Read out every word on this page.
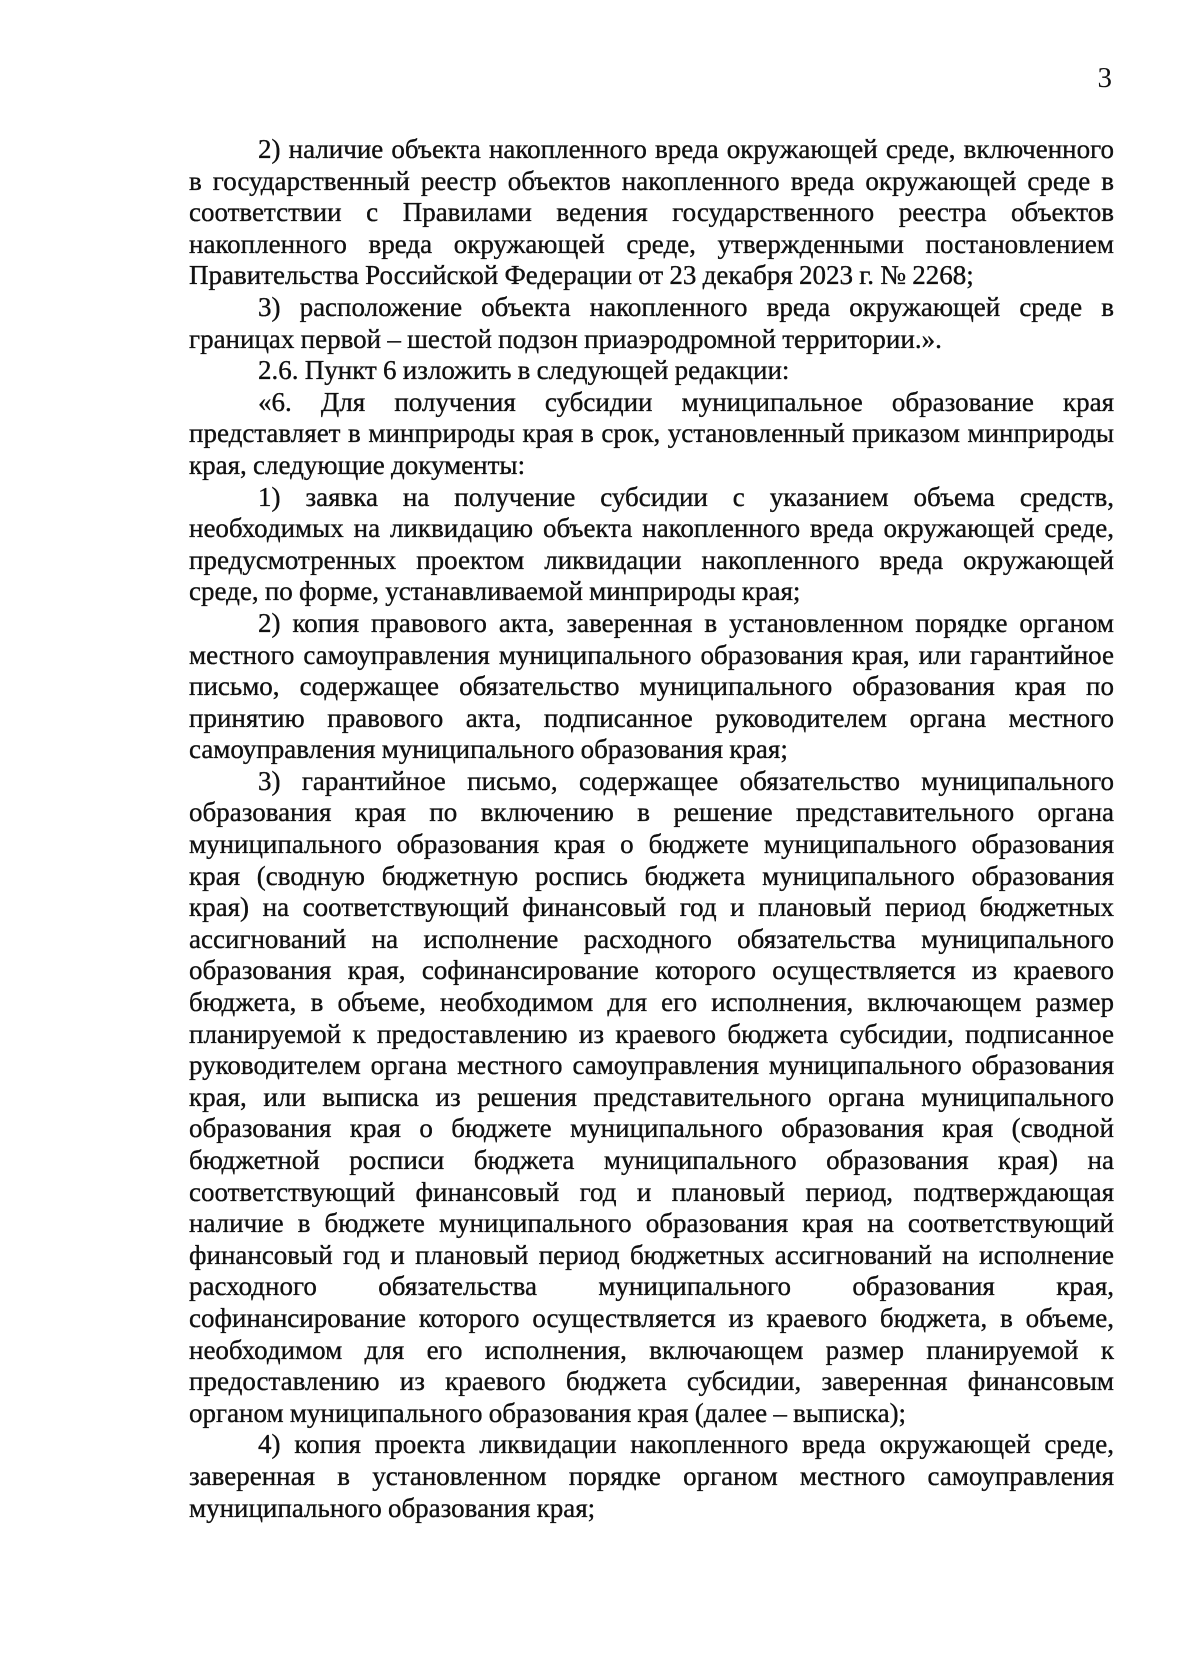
3

2) наличие объекта накопленного вреда окружающей среде, включенного в государственный реестр объектов накопленного вреда окружающей среде в соответствии с Правилами ведения государственного реестра объектов накопленного вреда окружающей среде, утвержденными постановлением Правительства Российской Федерации от 23 декабря 2023 г. № 2268;

3) расположение объекта накопленного вреда окружающей среде в границах первой – шестой подзон приаэродромной территории.».

2.6. Пункт 6 изложить в следующей редакции:

«6. Для получения субсидии муниципальное образование края представляет в минприроды края в срок, установленный приказом минприроды края, следующие документы:

1) заявка на получение субсидии с указанием объема средств, необходимых на ликвидацию объекта накопленного вреда окружающей среде, предусмотренных проектом ликвидации накопленного вреда окружающей среде, по форме, устанавливаемой минприроды края;

2) копия правового акта, заверенная в установленном порядке органом местного самоуправления муниципального образования края, или гарантийное письмо, содержащее обязательство муниципального образования края по принятию правового акта, подписанное руководителем органа местного самоуправления муниципального образования края;

3) гарантийное письмо, содержащее обязательство муниципального образования края по включению в решение представительного органа муниципального образования края о бюджете муниципального образования края (сводную бюджетную роспись бюджета муниципального образования края) на соответствующий финансовый год и плановый период бюджетных ассигнований на исполнение расходного обязательства муниципального образования края, софинансирование которого осуществляется из краевого бюджета, в объеме, необходимом для его исполнения, включающем размер планируемой к предоставлению из краевого бюджета субсидии, подписанное руководителем органа местного самоуправления муниципального образования края, или выписка из решения представительного органа муниципального образования края о бюджете муниципального образования края (сводной бюджетной росписи бюджета муниципального образования края) на соответствующий финансовый год и плановый период, подтверждающая наличие в бюджете муниципального образования края на соответствующий финансовый год и плановый период бюджетных ассигнований на исполнение расходного обязательства муниципального образования края, софинансирование которого осуществляется из краевого бюджета, в объеме, необходимом для его исполнения, включающем размер планируемой к предоставлению из краевого бюджета субсидии, заверенная финансовым органом муниципального образования края (далее – выписка);

4) копия проекта ликвидации накопленного вреда окружающей среде, заверенная в установленном порядке органом местного самоуправления муниципального образования края;
